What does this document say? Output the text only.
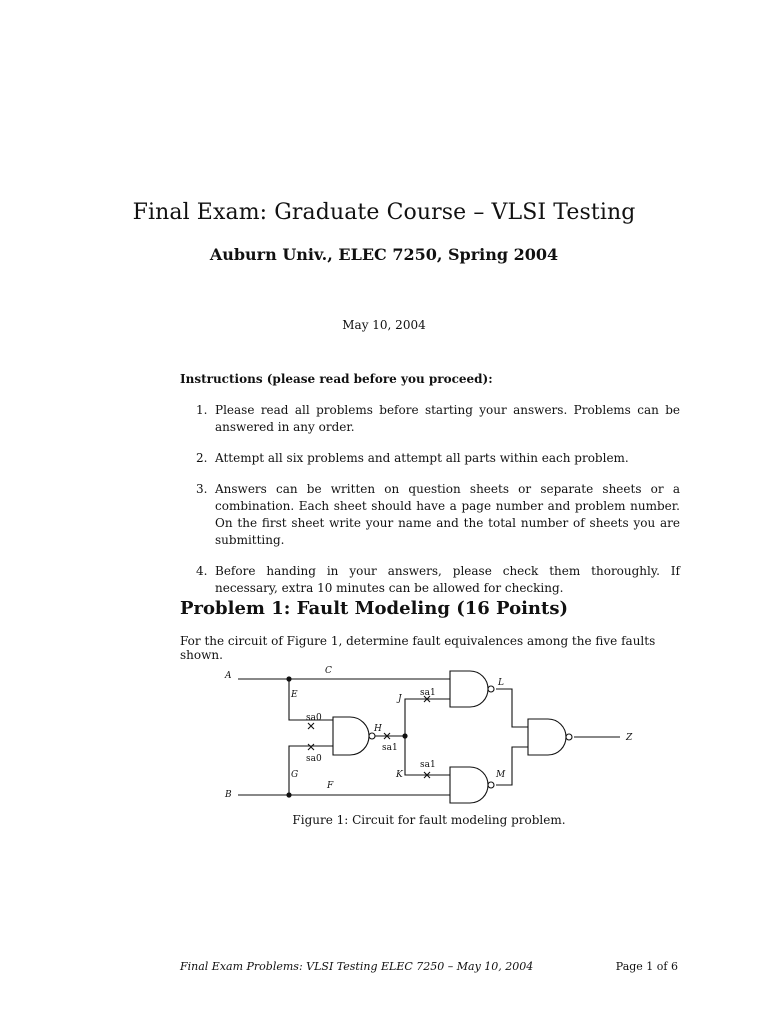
Final Exam: Graduate Course – VLSI Testing
Auburn Univ., ELEC 7250, Spring 2004
May 10, 2004
Instructions (please read before you proceed):
1. Please read all problems before starting your answers. Problems can be answered in any order.
2. Attempt all six problems and attempt all parts within each problem.
3. Answers can be written on question sheets or separate sheets or a combination. Each sheet should have a page number and problem number. On the first sheet write your name and the total number of sheets you are submitting.
4. Before handing in your answers, please check them thoroughly. If necessary, extra 10 minutes can be allowed for checking.
Problem 1: Fault Modeling (16 Points)
For the circuit of Figure 1, determine fault equivalences among the five faults shown.
A
B
C
E
G
F
H
J
K
L
M
Z
sa0
sa0
sa1
sa1
sa1
Figure 1: Circuit for fault modeling problem.
Final Exam Problems: VLSI Testing ELEC 7250 – May 10, 2004	Page 1 of 6
